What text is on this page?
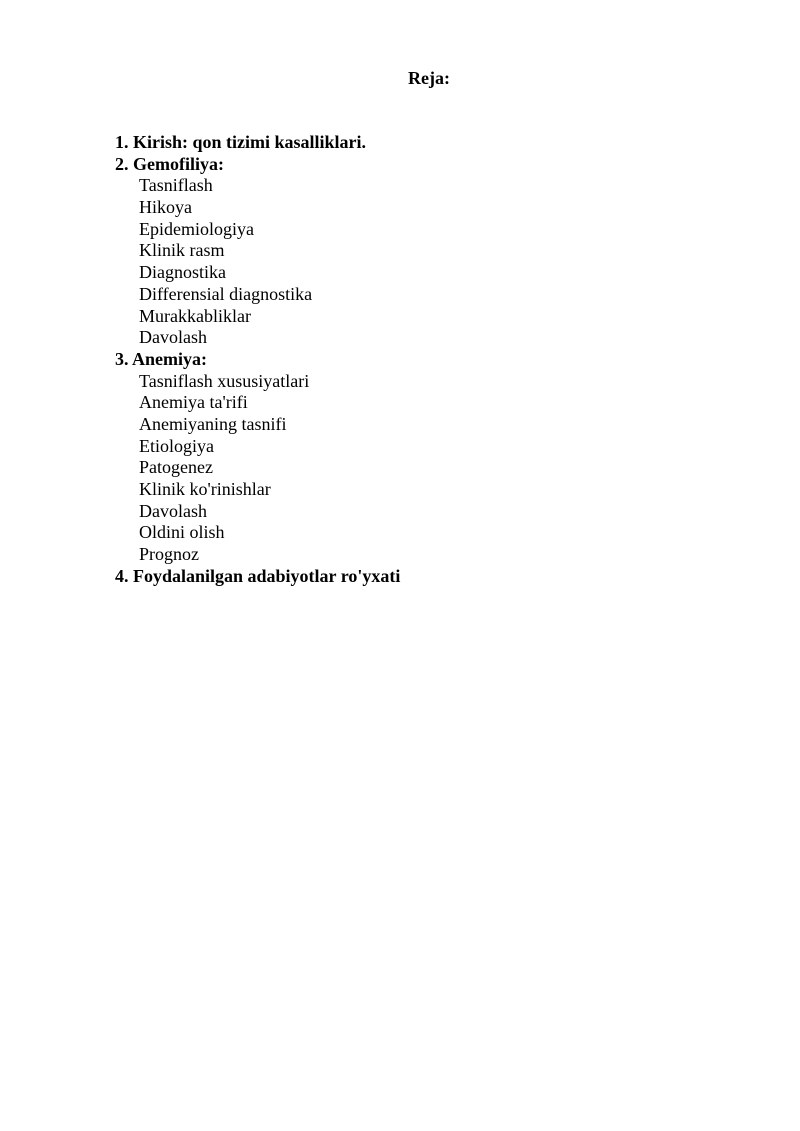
Reja:
1. Kirish: qon tizimi kasalliklari.
2. Gemofiliya:
Tasniflash
Hikoya
Epidemiologiya
Klinik rasm
Diagnostika
Differensial diagnostika
Murakkabliklar
Davolash
3. Anemiya:
Tasniflash xususiyatlari
Anemiya ta'rifi
Anemiyaning tasnifi
Etiologiya
Patogenez
Klinik ko'rinishlar
Davolash
Oldini olish
Prognoz
4. Foydalanilgan adabiyotlar ro'yxati
